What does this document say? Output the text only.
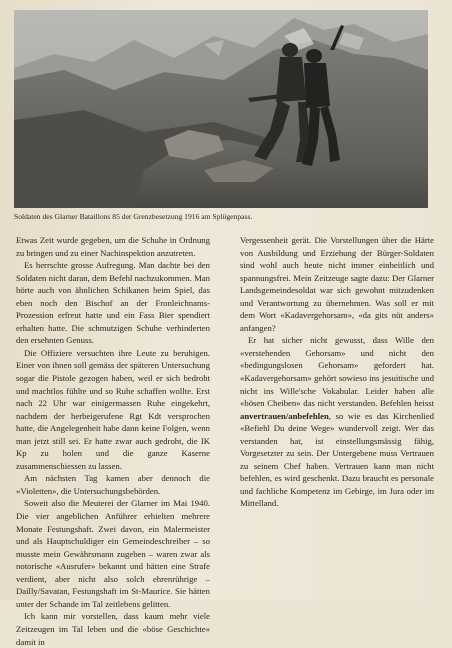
Soldaten des Glarner Bataillons 85 der Grenzbesetzung 1916 am Splügenpass.

Etwas Zeit wurde gegeben, um die Schuhe in Ordnung zu bringen und zu einer Nachinspektion anzutreten.

Es herrschte grosse Aufregung. Man dachte bei den Soldaten nicht daran, dem Befehl nachzukommen. Man hörte auch von ähnlichen Schikanen beim Spiel, das eben noch den Bischof an der Fronleichnams-Prozession erfreut hatte und ein Fass Bier spendiert erhalten hatte. Die schmutzigen Schuhe verhinderten den ersehnten Genuss.

Die Offiziere versuchten ihre Leute zu beruhigen. Einer von ihnen soll gemäss der späteren Untersuchung sogar die Pistole gezogen haben, weil er sich bedroht und machtlos fühlte und so Ruhe schaffen wollte. Erst nach 22 Uhr war einigermassen Ruhe eingekehrt, nachdem der herbeigerufene Rgt Kdt versprochen hatte, die Angelegenheit habe dann keine Folgen, wenn man jetzt still sei. Er hatte zwar auch gedroht, die IK Kp zu holen und die ganze Kaserne zusammenschiessen zu lassen.

Am nächsten Tag kamen aber dennoch die «Violetten», die Untersuchungsbehörden.

Soweit also die Meuterei der Glarner im Mai 1940. Die vier angeblichen Anführer erhielten mehrere Monate Festungshaft. Zwei davon, ein Malermeister und als Hauptschuldiger ein Gemeindeschreiber – so musste mein Gewährsmann zugeben – waren zwar als notorische «Ausrufer» bekannt und hätten eine Strafe verdient, aber nicht also solch ehrenrührige – Dailly/Savatan, Festungshaft im St-Maurice. Sie hätten unter der Schande im Tal zeitlebens gelitten.

Ich kann mir vorstellen, dass kaum mehr viele Zeitzeugen im Tal leben und die «böse Geschichte» damit in

Vergessenheit gerät. Die Vorstellungen über die Härte von Ausbildung und Erziehung der Bürger-Soldaten sind wohl auch heute nicht immer einheitlich und spannungsfrei. Mein Zeitzeuge sagte dazu: Der Glarner Landsgemeindesoldat war sich gewohnt mitzudenken und Verantwortung zu übernehmen. Was soll er mit dem Wort «Kadavergehorsam», «da gits nüt anders» anfangen?

Er hat sicher nicht gewusst, dass Wille den «verstehenden Gehorsam» und nicht den «bedingungslosen Gehorsam» gefordert hat. «Kadavergehorsam» gehört sowieso ins jesuitische und nicht ins Wille'sche Vokabular. Leider haben alle «bösen Cheiben» das nicht verstanden. Befehlen heisst anvertrauen/anbefehlen, so wie es das Kirchenlied «Befiehl Du deine Wege» wundervoll zeigt. Wer das verstanden hat, ist einstellungsmässig fähig, Vorgesetzter zu sein. Der Untergebene muss Vertrauen zu seinem Chef haben. Vertrauen kann man nicht befehlen, es wird geschenkt. Dazu braucht es personale und fachliche Kompetenz im Gebirge, im Jura oder im Mittelland.
